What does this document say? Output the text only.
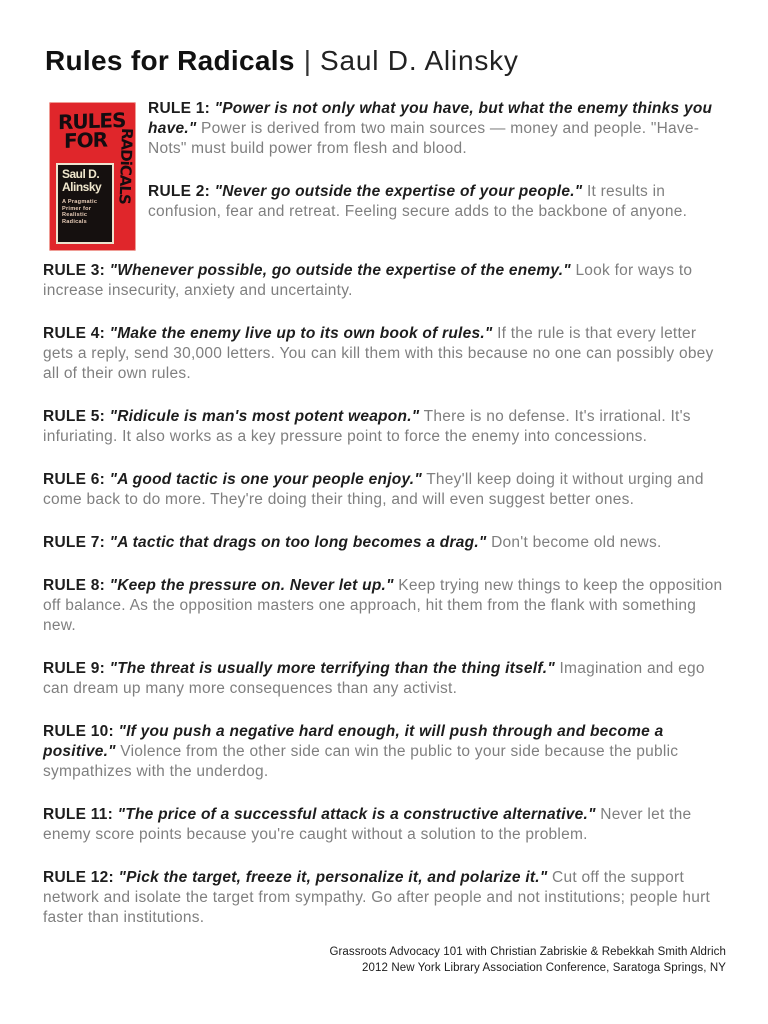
Rules for Radicals | Saul D. Alinsky
RULES
FOR RADiCALS
Saul D.
Alinsky
A Pragmatic Primer for Realistic Radicals

RULE 1: "Power is not only what you have, but what the enemy thinks you have." Power is derived from two main sources — money and people. "Have-Nots" must build power from flesh and blood.

RULE 2: "Never go outside the expertise of your people." It results in confusion, fear and retreat. Feeling secure adds to the backbone of anyone.

RULE 3: "Whenever possible, go outside the expertise of the enemy." Look for ways to increase insecurity, anxiety and uncertainty.

RULE 4: "Make the enemy live up to its own book of rules." If the rule is that every letter gets a reply, send 30,000 letters. You can kill them with this because no one can possibly obey all of their own rules.

RULE 5: "Ridicule is man's most potent weapon." There is no defense. It's irrational. It's infuriating. It also works as a key pressure point to force the enemy into concessions.

RULE 6: "A good tactic is one your people enjoy." They'll keep doing it without urging and come back to do more. They're doing their thing, and will even suggest better ones.

RULE 7: "A tactic that drags on too long becomes a drag." Don't become old news.

RULE 8: "Keep the pressure on. Never let up." Keep trying new things to keep the opposition off balance. As the opposition masters one approach, hit them from the flank with something new.

RULE 9: "The threat is usually more terrifying than the thing itself." Imagination and ego can dream up many more consequences than any activist.

RULE 10: "If you push a negative hard enough, it will push through and become a positive." Violence from the other side can win the public to your side because the public sympathizes with the underdog.

RULE 11: "The price of a successful attack is a constructive alternative." Never let the enemy score points because you're caught without a solution to the problem.

RULE 12: "Pick the target, freeze it, personalize it, and polarize it." Cut off the support network and isolate the target from sympathy. Go after people and not institutions; people hurt faster than institutions.

Grassroots Advocacy 101 with Christian Zabriskie & Rebekkah Smith Aldrich
2012 New York Library Association Conference, Saratoga Springs, NY
